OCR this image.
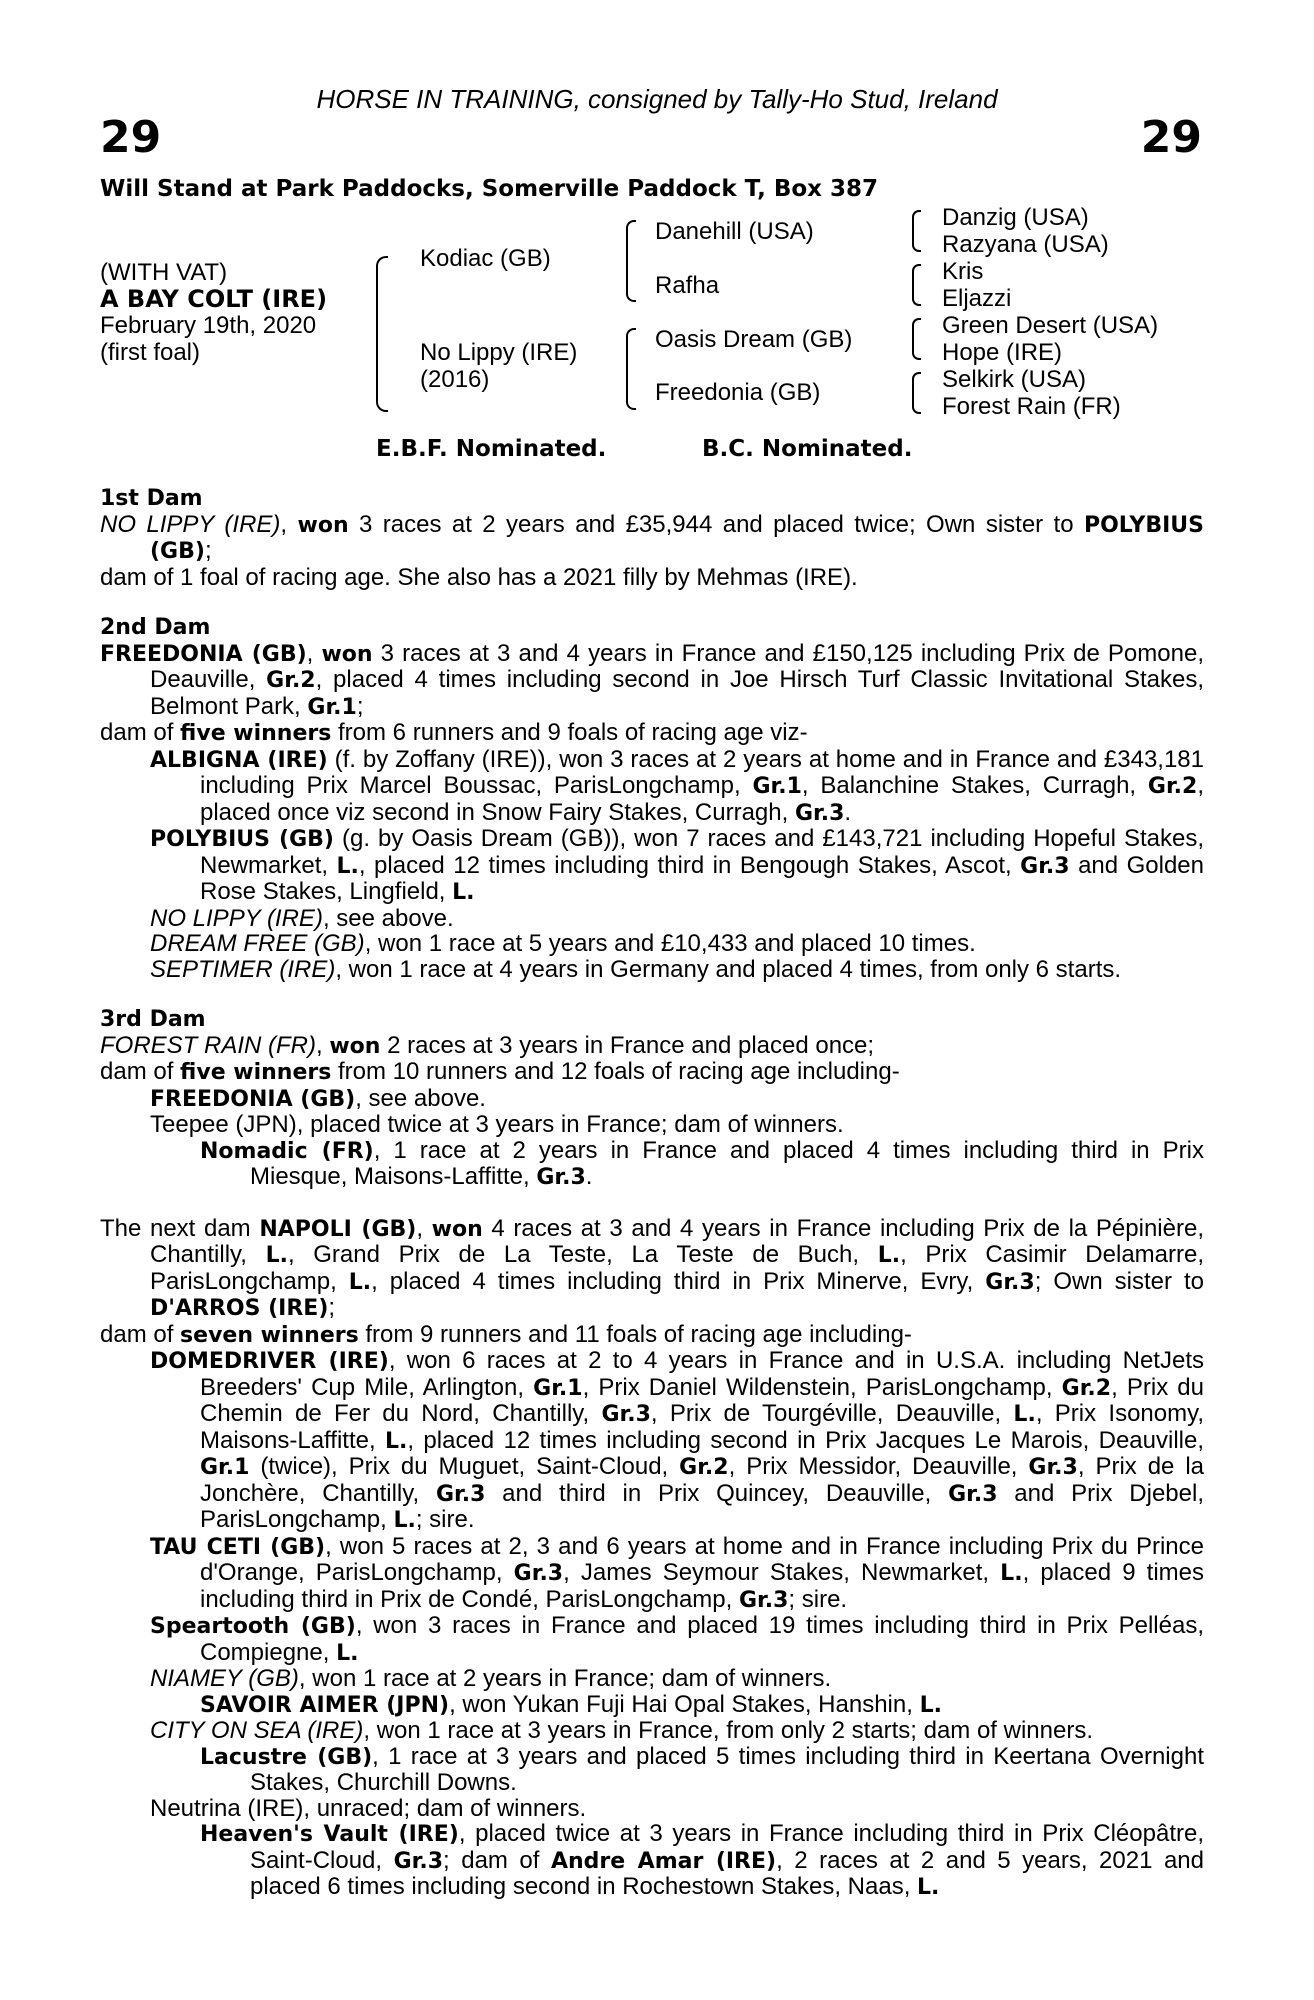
HORSE IN TRAINING, consigned by Tally-Ho Stud, Ireland
29	29
Will Stand at Park Paddocks, Somerville Paddock T, Box 387
(WITH VAT)
A BAY COLT (IRE)
February 19th, 2020
(first foal)
Kodiac (GB)
No Lippy (IRE)
(2016)
Danehill (USA)
Rafha
Oasis Dream (GB)
Freedonia (GB)
Danzig (USA)
Razyana (USA)
Kris
Eljazzi
Green Desert (USA)
Hope (IRE)
Selkirk (USA)
Forest Rain (FR)
E.B.F. Nominated.	B.C. Nominated.
1st Dam

NO LIPPY (IRE), won 3 races at 2 years and £35,944 and placed twice; Own sister to POLYBIUS (GB);

dam of 1 foal of racing age. She also has a 2021 filly by Mehmas (IRE).

2nd Dam

FREEDONIA (GB), won 3 races at 3 and 4 years in France and £150,125 including Prix de Pomone, Deauville, Gr.2, placed 4 times including second in Joe Hirsch Turf Classic Invitational Stakes, Belmont Park, Gr.1;

dam of five winners from 6 runners and 9 foals of racing age viz-

ALBIGNA (IRE) (f. by Zoffany (IRE)), won 3 races at 2 years at home and in France and £343,181 including Prix Marcel Boussac, ParisLongchamp, Gr.1, Balanchine Stakes, Curragh, Gr.2, placed once viz second in Snow Fairy Stakes, Curragh, Gr.3.

POLYBIUS (GB) (g. by Oasis Dream (GB)), won 7 races and £143,721 including Hopeful Stakes, Newmarket, L., placed 12 times including third in Bengough Stakes, Ascot, Gr.3 and Golden Rose Stakes, Lingfield, L.

NO LIPPY (IRE), see above.

DREAM FREE (GB), won 1 race at 5 years and £10,433 and placed 10 times.

SEPTIMER (IRE), won 1 race at 4 years in Germany and placed 4 times, from only 6 starts.

3rd Dam

FOREST RAIN (FR), won 2 races at 3 years in France and placed once;

dam of five winners from 10 runners and 12 foals of racing age including-

FREEDONIA (GB), see above.

Teepee (JPN), placed twice at 3 years in France; dam of winners.

Nomadic (FR), 1 race at 2 years in France and placed 4 times including third in Prix Miesque, Maisons-Laffitte, Gr.3.

The next dam NAPOLI (GB), won 4 races at 3 and 4 years in France including Prix de la Pépinière, Chantilly, L., Grand Prix de La Teste, La Teste de Buch, L., Prix Casimir Delamarre, ParisLongchamp, L., placed 4 times including third in Prix Minerve, Evry, Gr.3; Own sister to D'ARROS (IRE);

dam of seven winners from 9 runners and 11 foals of racing age including-

DOMEDRIVER (IRE), won 6 races at 2 to 4 years in France and in U.S.A. including NetJets Breeders' Cup Mile, Arlington, Gr.1, Prix Daniel Wildenstein, ParisLongchamp, Gr.2, Prix du Chemin de Fer du Nord, Chantilly, Gr.3, Prix de Tourgéville, Deauville, L., Prix Isonomy, Maisons-Laffitte, L., placed 12 times including second in Prix Jacques Le Marois, Deauville, Gr.1 (twice), Prix du Muguet, Saint-Cloud, Gr.2, Prix Messidor, Deauville, Gr.3, Prix de la Jonchère, Chantilly, Gr.3 and third in Prix Quincey, Deauville, Gr.3 and Prix Djebel, ParisLongchamp, L.; sire.

TAU CETI (GB), won 5 races at 2, 3 and 6 years at home and in France including Prix du Prince d'Orange, ParisLongchamp, Gr.3, James Seymour Stakes, Newmarket, L., placed 9 times including third in Prix de Condé, ParisLongchamp, Gr.3; sire.

Speartooth (GB), won 3 races in France and placed 19 times including third in Prix Pelléas, Compiegne, L.

NIAMEY (GB), won 1 race at 2 years in France; dam of winners.

SAVOIR AIMER (JPN), won Yukan Fuji Hai Opal Stakes, Hanshin, L.

CITY ON SEA (IRE), won 1 race at 3 years in France, from only 2 starts; dam of winners.

Lacustre (GB), 1 race at 3 years and placed 5 times including third in Keertana Overnight Stakes, Churchill Downs.

Neutrina (IRE), unraced; dam of winners.

Heaven's Vault (IRE), placed twice at 3 years in France including third in Prix Cléopâtre, Saint-Cloud, Gr.3; dam of Andre Amar (IRE), 2 races at 2 and 5 years, 2021 and placed 6 times including second in Rochestown Stakes, Naas, L.
